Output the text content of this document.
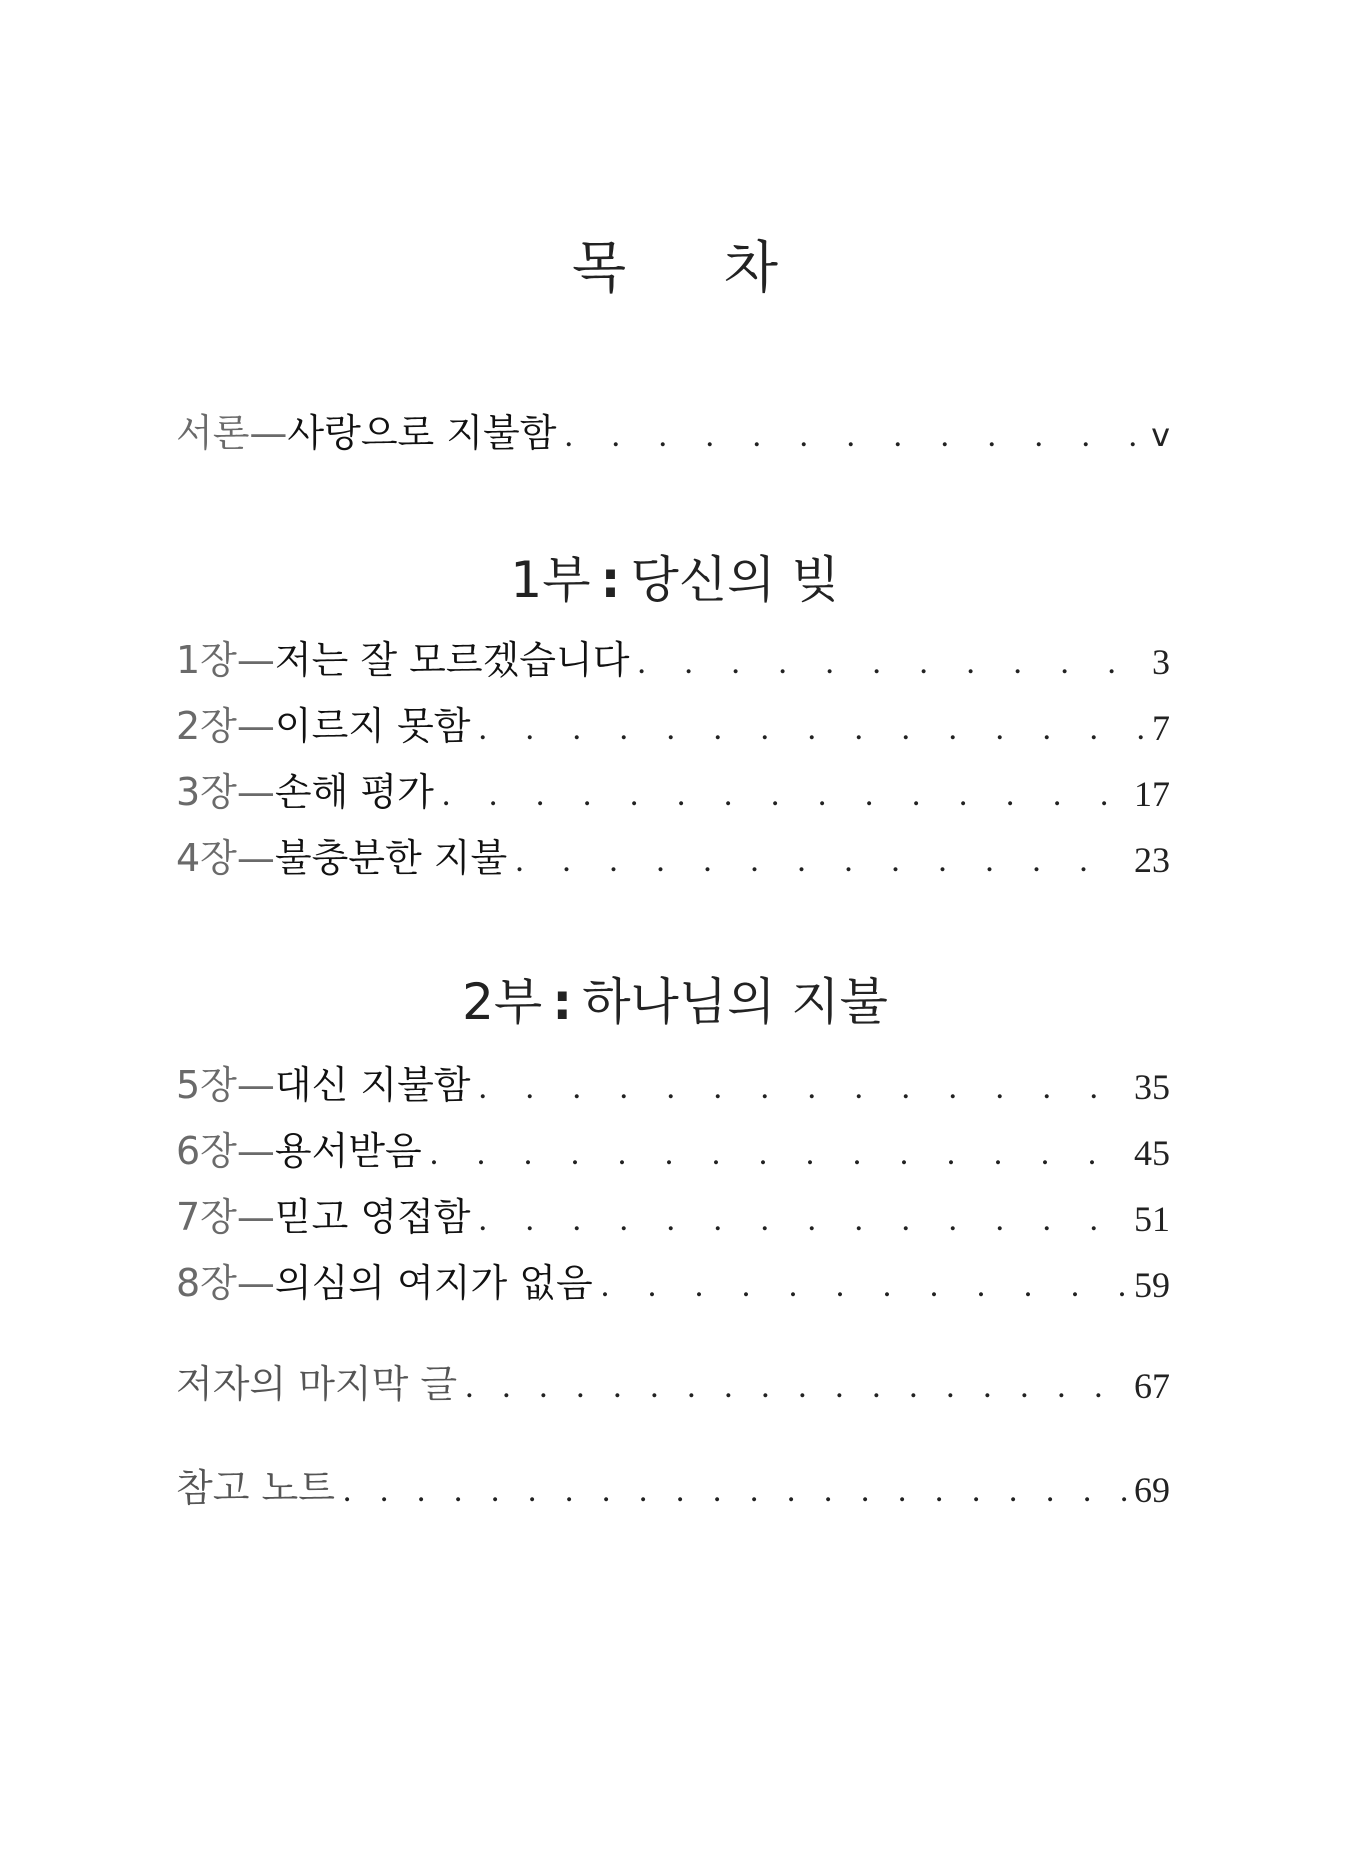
목 차
서론—사랑으로 지불함 . . .	v
1부 : 당신의 빚
1장—저는 잘 모르겠습니다 . . .	3
2장—이르지 못함 . . .	7
3장—손해 평가 . . .	17
4장—불충분한 지불 . . .	23
2부 : 하나님의 지불
5장—대신 지불함 . . .	35
6장—용서받음 . . .	45
7장—믿고 영접함 . . .	51
8장—의심의 여지가 없음 . . .	59
저자의 마지막 글 . . .	67
참고 노트 . . .	69
